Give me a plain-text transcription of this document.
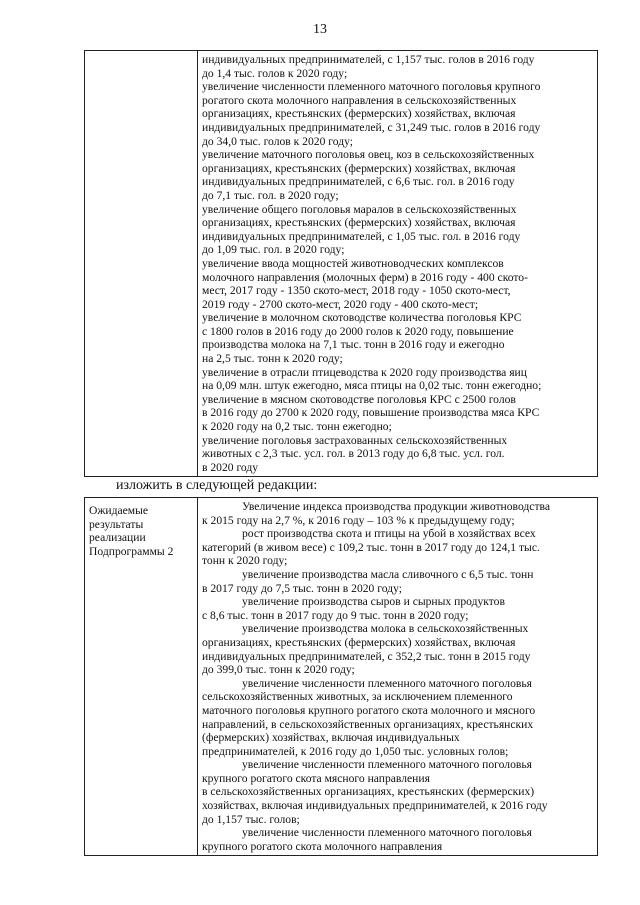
13

индивидуальных предпринимателей, с 1,157 тыс. голов в 2016 году
до 1,4 тыс. голов к 2020 году;
увеличение численности племенного маточного поголовья крупного
рогатого скота молочного направления в сельскохозяйственных
организациях, крестьянских (фермерских) хозяйствах, включая
индивидуальных предпринимателей, с 31,249 тыс. голов в 2016 году
до 34,0 тыс. голов к 2020 году;
увеличение маточного поголовья овец, коз в сельскохозяйственных
организациях, крестьянских (фермерских) хозяйствах, включая
индивидуальных предпринимателей, с 6,6 тыс. гол. в 2016 году
до 7,1 тыс. гол. в 2020 году;
увеличение общего поголовья маралов в сельскохозяйственных
организациях, крестьянских (фермерских) хозяйствах, включая
индивидуальных предпринимателей, с 1,05 тыс. гол. в 2016 году
до 1,09 тыс. гол. в 2020 году;
увеличение ввода мощностей животноводческих комплексов
молочного направления (молочных ферм) в 2016 году - 400 ското-
мест, 2017 году - 1350 ското-мест, 2018 году - 1050 ското-мест,
2019 году - 2700 ското-мест, 2020 году - 400 ското-мест;
увеличение в молочном скотоводстве количества поголовья КРС
с 1800 голов в 2016 году до 2000 голов к 2020 году, повышение
производства молока на 7,1 тыс. тонн в 2016 году и ежегодно
на 2,5 тыс. тонн к 2020 году;
увеличение в отрасли птицеводства к 2020 году производства яиц
на 0,09 млн. штук ежегодно, мяса птицы на 0,02 тыс. тонн ежегодно;
увеличение в мясном скотоводстве поголовья КРС с 2500 голов
в 2016 году до 2700 к 2020 году, повышение производства мяса КРС
к 2020 году на 0,2 тыс. тонн ежегодно;
увеличение поголовья застрахованных сельскохозяйственных
животных с 2,3 тыс. усл. гол. в 2013 году до 6,8 тыс. усл. гол.
в 2020 году
изложить в следующей редакции:
Ожидаемые
результаты
реализации
Подпрограммы 2

Увеличение индекса производства продукции животноводства
к 2015 году на 2,7 %, к 2016 году – 103 % к предыдущему году;
рост производства скота и птицы на убой в хозяйствах всех
категорий (в живом весе) с 109,2 тыс. тонн в 2017 году до 124,1 тыс.
тонн к 2020 году;
увеличение производства масла сливочного с 6,5 тыс. тонн
в 2017 году до 7,5 тыс. тонн в 2020 году;
увеличение производства сыров и сырных продуктов
с 8,6 тыс. тонн в 2017 году до 9 тыс. тонн в 2020 году;
увеличение производства молока в сельскохозяйственных
организациях, крестьянских (фермерских) хозяйствах, включая
индивидуальных предпринимателей, с 352,2 тыс. тонн в 2015 году
до 399,0 тыс. тонн к 2020 году;
увеличение численности племенного маточного поголовья
сельскохозяйственных животных, за исключением племенного
маточного поголовья крупного рогатого скота молочного и мясного
направлений, в сельскохозяйственных организациях, крестьянских
(фермерских) хозяйствах, включая индивидуальных
предпринимателей, к 2016 году до 1,050 тыс. условных голов;
увеличение численности племенного маточного поголовья
крупного рогатого скота мясного направления
в сельскохозяйственных организациях, крестьянских (фермерских)
хозяйствах, включая индивидуальных предпринимателей, к 2016 году
до 1,157 тыс. голов;
увеличение численности племенного маточного поголовья
крупного рогатого скота молочного направления
